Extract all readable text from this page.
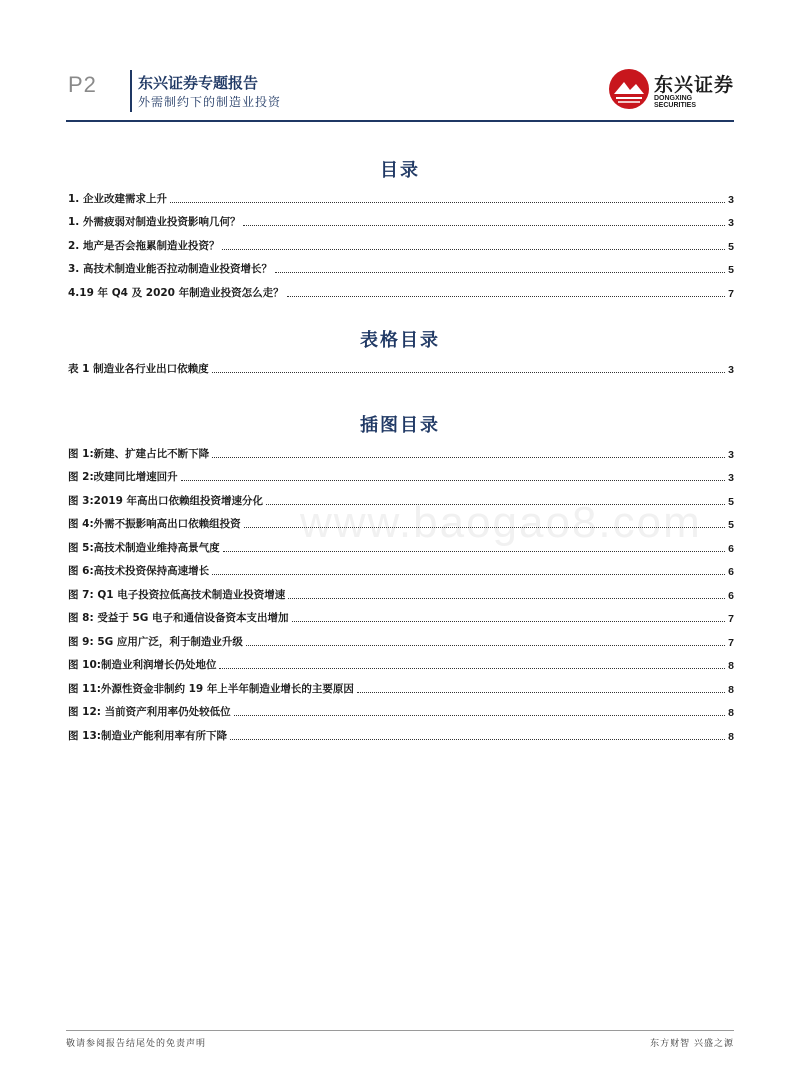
P2	东兴证券专题报告
外需制约下的制造业投资
东兴证券
DONGXING SECURITIES
目录
1. 企业改建需求上升	3
1. 外需疲弱对制造业投资影响几何？	3
2. 地产是否会拖累制造业投资？	5
3. 高技术制造业能否拉动制造业投资增长？	5
4.19 年 Q4 及 2020 年制造业投资怎么走？	7
表格目录
表 1 制造业各行业出口依赖度	3
插图目录
图 1:新建、扩建占比不断下降	3
图 2:改建同比增速回升	3
图 3:2019 年高出口依赖组投资增速分化	5
图 4:外需不振影响高出口依赖组投资	5
图 5:高技术制造业维持高景气度	6
图 6:高技术投资保持高速增长	6
图 7: Q1 电子投资拉低高技术制造业投资增速	6
图 8: 受益于 5G 电子和通信设备资本支出增加	7
图 9: 5G 应用广泛，利于制造业升级	7
图 10:制造业利润增长仍处地位	8
图 11:外源性资金非制约 19 年上半年制造业增长的主要原因	8
图 12: 当前资产利用率仍处较低位	8
图 13:制造业产能利用率有所下降	8
www.baogao8.com
敬请参阅报告结尾处的免责声明	东方财智 兴盛之源
